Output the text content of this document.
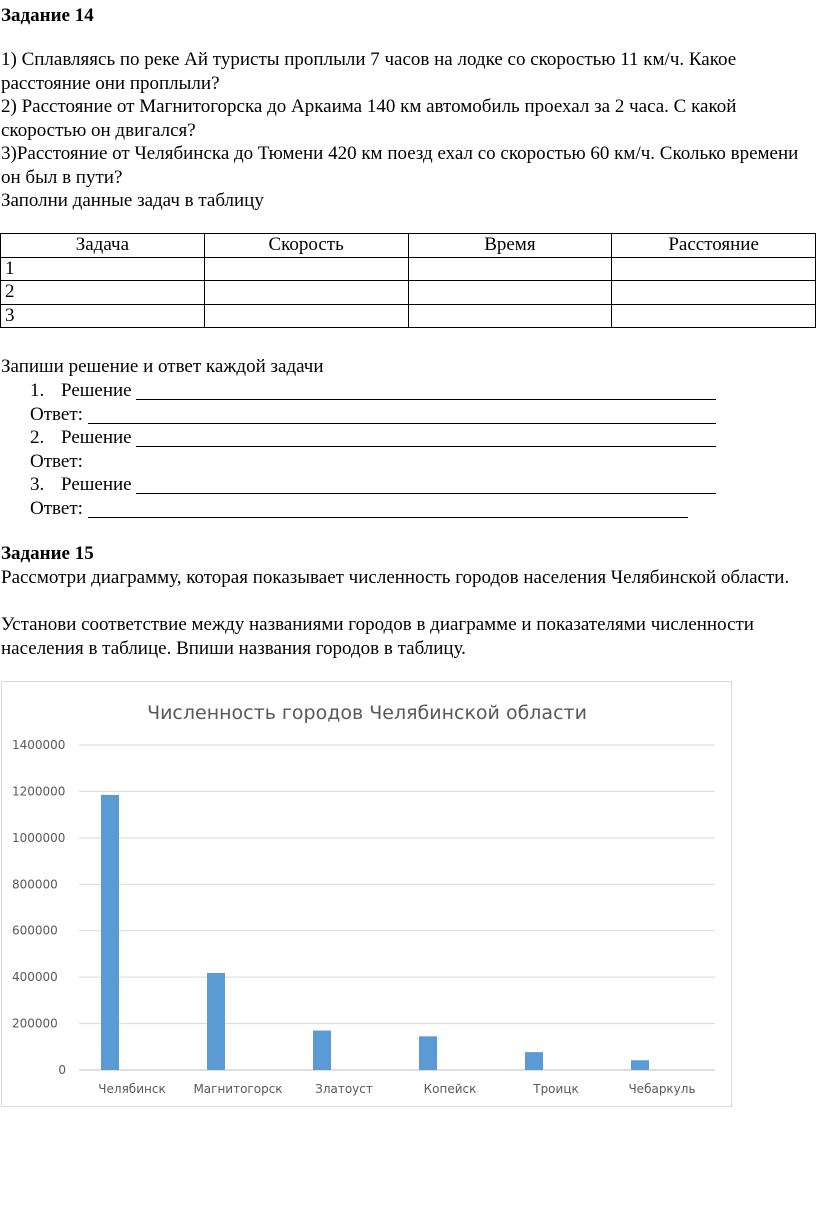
Задание 14
1) Сплавляясь по реке Ай туристы проплыли 7 часов на лодке со скоростью 11 км/ч. Какое расстояние они проплыли?
2) Расстояние от Магнитогорска до Аркаима 140 км автомобиль проехал за 2 часа. С какой скоростью он двигался?
3)Расстояние от Челябинска до Тюмени 420 км поезд ехал со скоростью 60 км/ч. Сколько времени он был в пути?
Заполни данные задач в таблицу
Задача	Скорость	Время	Расстояние
1			
2			
3			
Запиши решение и ответ каждой задачи
1. Решение
Ответ:
2. Решение
Ответ:
3. Решение
Ответ:
Задание 15
Рассмотри диаграмму, которая показывает численность городов населения Челябинской области.
Установи соответствие между названиями городов в диаграмме и показателями численности населения в таблице. Впиши названия городов в таблицу.
Численность городов Челябинской области
0
200000
400000
600000
800000
1000000
1200000
1400000
Челябинск Магнитогорск	Златоуст	Копейск	Троицк	Чебаркуль
